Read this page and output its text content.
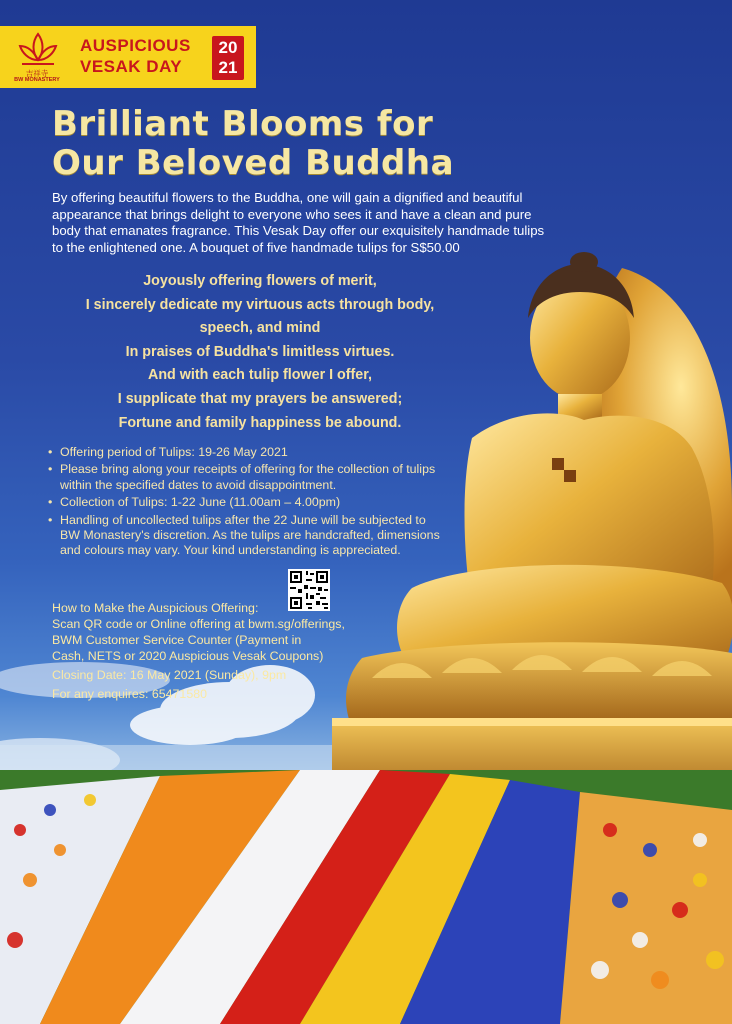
吉祥寺
BW MONASTERY
AUSPICIOUS
VESAK DAY
20
21
Brilliant Blooms for
Our Beloved Buddha
By offering beautiful flowers to the Buddha, one will gain a dignified and beautiful appearance that brings delight to everyone who sees it and have a clean and pure body that emanates fragrance. This Vesak Day offer our exquisitely handmade tulips to the enlightened one. A bouquet of five handmade tulips for S$50.00
Joyously offering flowers of merit,
I sincerely dedicate my virtuous acts through body,
speech, and mind
In praises of Buddha's limitless virtues.
And with each tulip flower I offer,
I supplicate that my prayers be answered;
Fortune and family happiness be abound.
• Offering period of Tulips: 19-26 May 2021
• Please bring along your receipts of offering for the collection of tulips within the specified dates to avoid disappointment.
• Collection of Tulips: 1-22 June (11.00am – 4.00pm)
• Handling of uncollected tulips after the 22 June will be subjected to BW Monastery's discretion. As the tulips are handcrafted, dimensions and colours may vary. Your kind understanding is appreciated.
How to Make the Auspicious Offering:
Scan QR code or Online offering at bwm.sg/offerings,
BWM Customer Service Counter (Payment in
Cash, NETS or 2020 Auspicious Vesak Coupons)
Closing Date: 16 May 2021 (Sunday), 9pm
For any enquires: 65471580
